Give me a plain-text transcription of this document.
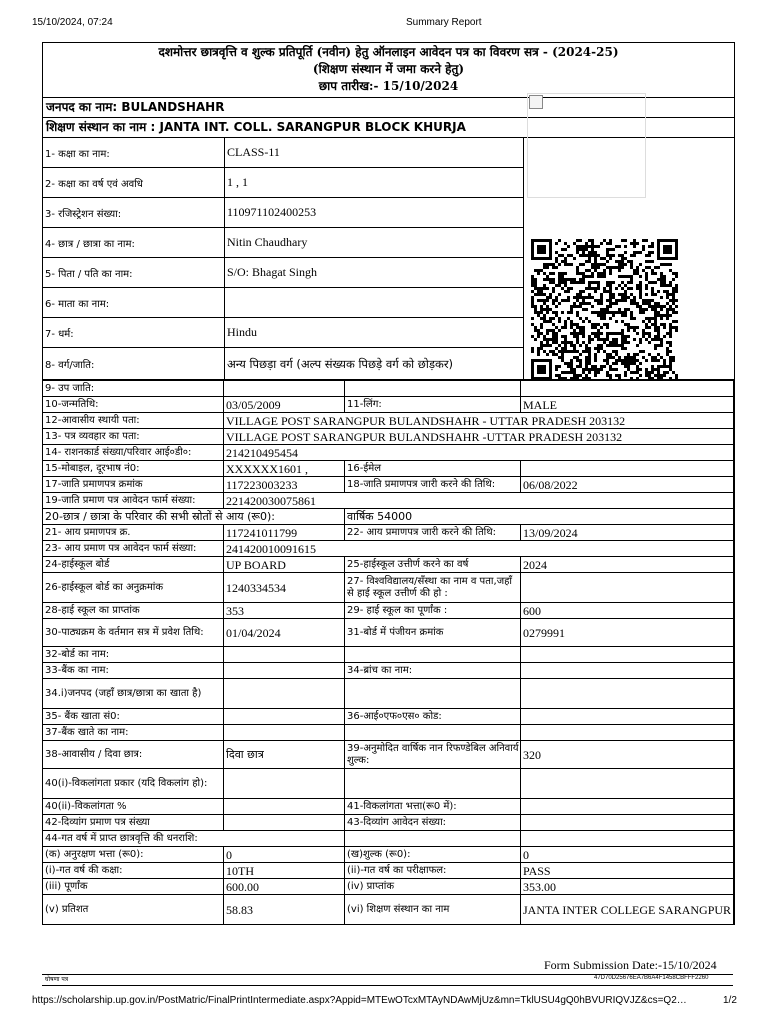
15/10/2024, 07:24	Summary Report
दशमोत्तर छात्रवृत्ति व शुल्क प्रतिपूर्ति (नवीन) हेतु ऑनलाइन आवेदन पत्र का विवरण सत्र - (2024-25)
(शिक्षण संस्थान में जमा करने हेतु)
छाप तारीख:- 15/10/2024
जनपद का नाम: BULANDSHAHR
शिक्षण संस्थान का नाम : JANTA INT. COLL. SARANGPUR BLOCK KHURJA
1- कक्षा का नाम:	CLASS-11
2- कक्षा का वर्ष एवं अवधि	1 , 1
3- रजिस्ट्रेशन संख्या:	110971102400253
4- छात्र / छात्रा का नाम:	Nitin Chaudhary
5- पिता / पति का नाम:	S/O: Bhagat Singh
6- माता का नाम:	
7- धर्म:	Hindu
8- वर्ग/जाति:	अन्य पिछड़ा वर्ग (अल्प संख्यक पिछड़े वर्ग को छोड़कर)
9- उप जाति:			
10-जन्मतिथि:	03/05/2009	11-लिंग:	MALE
12-आवासीय स्थायी पता:	VILLAGE POST SARANGPUR BULANDSHAHR - UTTAR PRADESH 203132		
13- पत्र व्यवहार का पता:	VILLAGE POST SARANGPUR BULANDSHAHR -UTTAR PRADESH 203132		
14- राशनकार्ड संख्या/परिवार आई०डी०:	214210495454		
15-मोबाइल, दूरभाष नं0:	XXXXXX1601 ,	16-ईमेल	
17-जाति प्रमाणपत्र क्रमांक	117223003233	18-जाति प्रमाणपत्र जारी करने की तिथि:	06/08/2022
19-जाति प्रमाण पत्र आवेदन फार्म संख्या:	221420030075861		
20-छात्र / छात्रा के परिवार की सभी स्रोतों से आय (रू0):		वार्षिक 54000	
21- आय प्रमाणपत्र क्र.	117241011799	22- आय प्रमाणपत्र जारी करने की तिथि:	13/09/2024
23- आय प्रमाण पत्र आवेदन फार्म संख्या:	241420010091615		
24-हाईस्कूल बोर्ड	UP BOARD	25-हाईस्कूल उत्तीर्ण करने का वर्ष	2024
26-हाईस्कूल बोर्ड का अनुक्रमांक	1240334534	27- विश्वविद्यालय/सँस्था का नाम व पता,जहाँ से हाई स्कूल उत्तीर्ण की हो :	
28-हाई स्कूल का प्राप्तांक	353	29- हाई स्कूल का पूर्णांक :	600
30-पाठ्यक्रम के वर्तमान सत्र में प्रवेश तिथि:	01/04/2024	31-बोर्ड में पंजीयन क्रमांक	0279991
32-बोर्ड का नाम:			
33-बैंक का नाम:		34-ब्रांच का नाम:	
34.i)जनपद (जहाँ छात्र/छात्रा का खाता है)			
35- बैंक खाता सं0:		36-आई०एफ०एस० कोड:	
37-बैंक खाते का नाम:			
38-आवासीय / दिवा छात्र:	दिवा छात्र	39-अनुमोदित वार्षिक नान रिफण्डेबिल अनिवार्य शुल्क:	320
40(i)-विकलांगता प्रकार (यदि विकलांग हो):			
40(ii)-विकलांगता %		41-विकलांगता भत्ता(रू0 में):	
42-दिव्यांग प्रमाण पत्र संख्या		43-दिव्यांग आवेदन संख्या:	
44-गत वर्ष में प्राप्त छात्रवृत्ति की धनराशि:			
(क) अनुरक्षण भत्ता (रू0):	0	(ख)शुल्क (रू0):	0
(i)-गत वर्ष की कक्षा:	10TH	(ii)-गत वर्ष का परीक्षाफल:	PASS
(iii) पूर्णांक	600.00	(iv) प्राप्तांक	353.00
(v) प्रतिशत	58.83	(vi) शिक्षण संस्थान का नाम	JANTA INTER COLLEGE SARANGPUR
Form Submission Date:-15/10/2024
घोषणा पत्र	47D70D25676EA7B6A4F1458CBFFF2260
https://scholarship.up.gov.in/PostMatric/FinalPrintIntermediate.aspx?Appid=MTEwOTcxMTAyNDAwMjUz&mn=TklUSU4gQ0hBVURIQVJZ&cs=Q2…	1/2
